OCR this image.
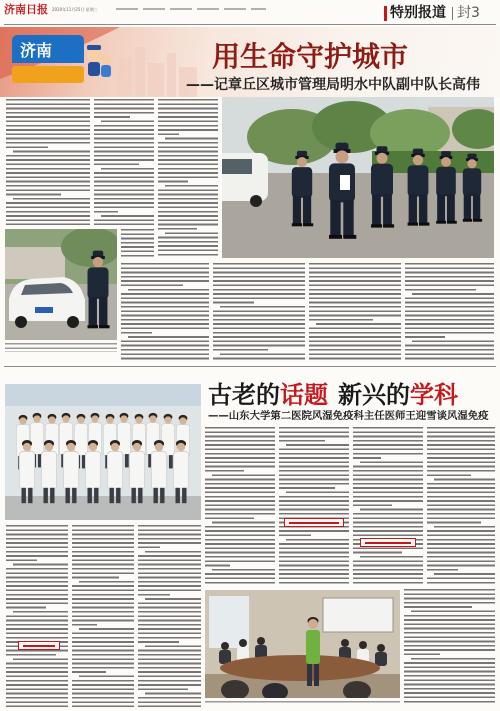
济南日报 2020年11月25日 星期三	特别报道 封3
济南	用生命守护城市
——记章丘区城市管理局明水中队副中队长高伟
古老的话题 新兴的学科
——山东大学第二医院风湿免疫科主任医师王迎雪谈风湿免疫
